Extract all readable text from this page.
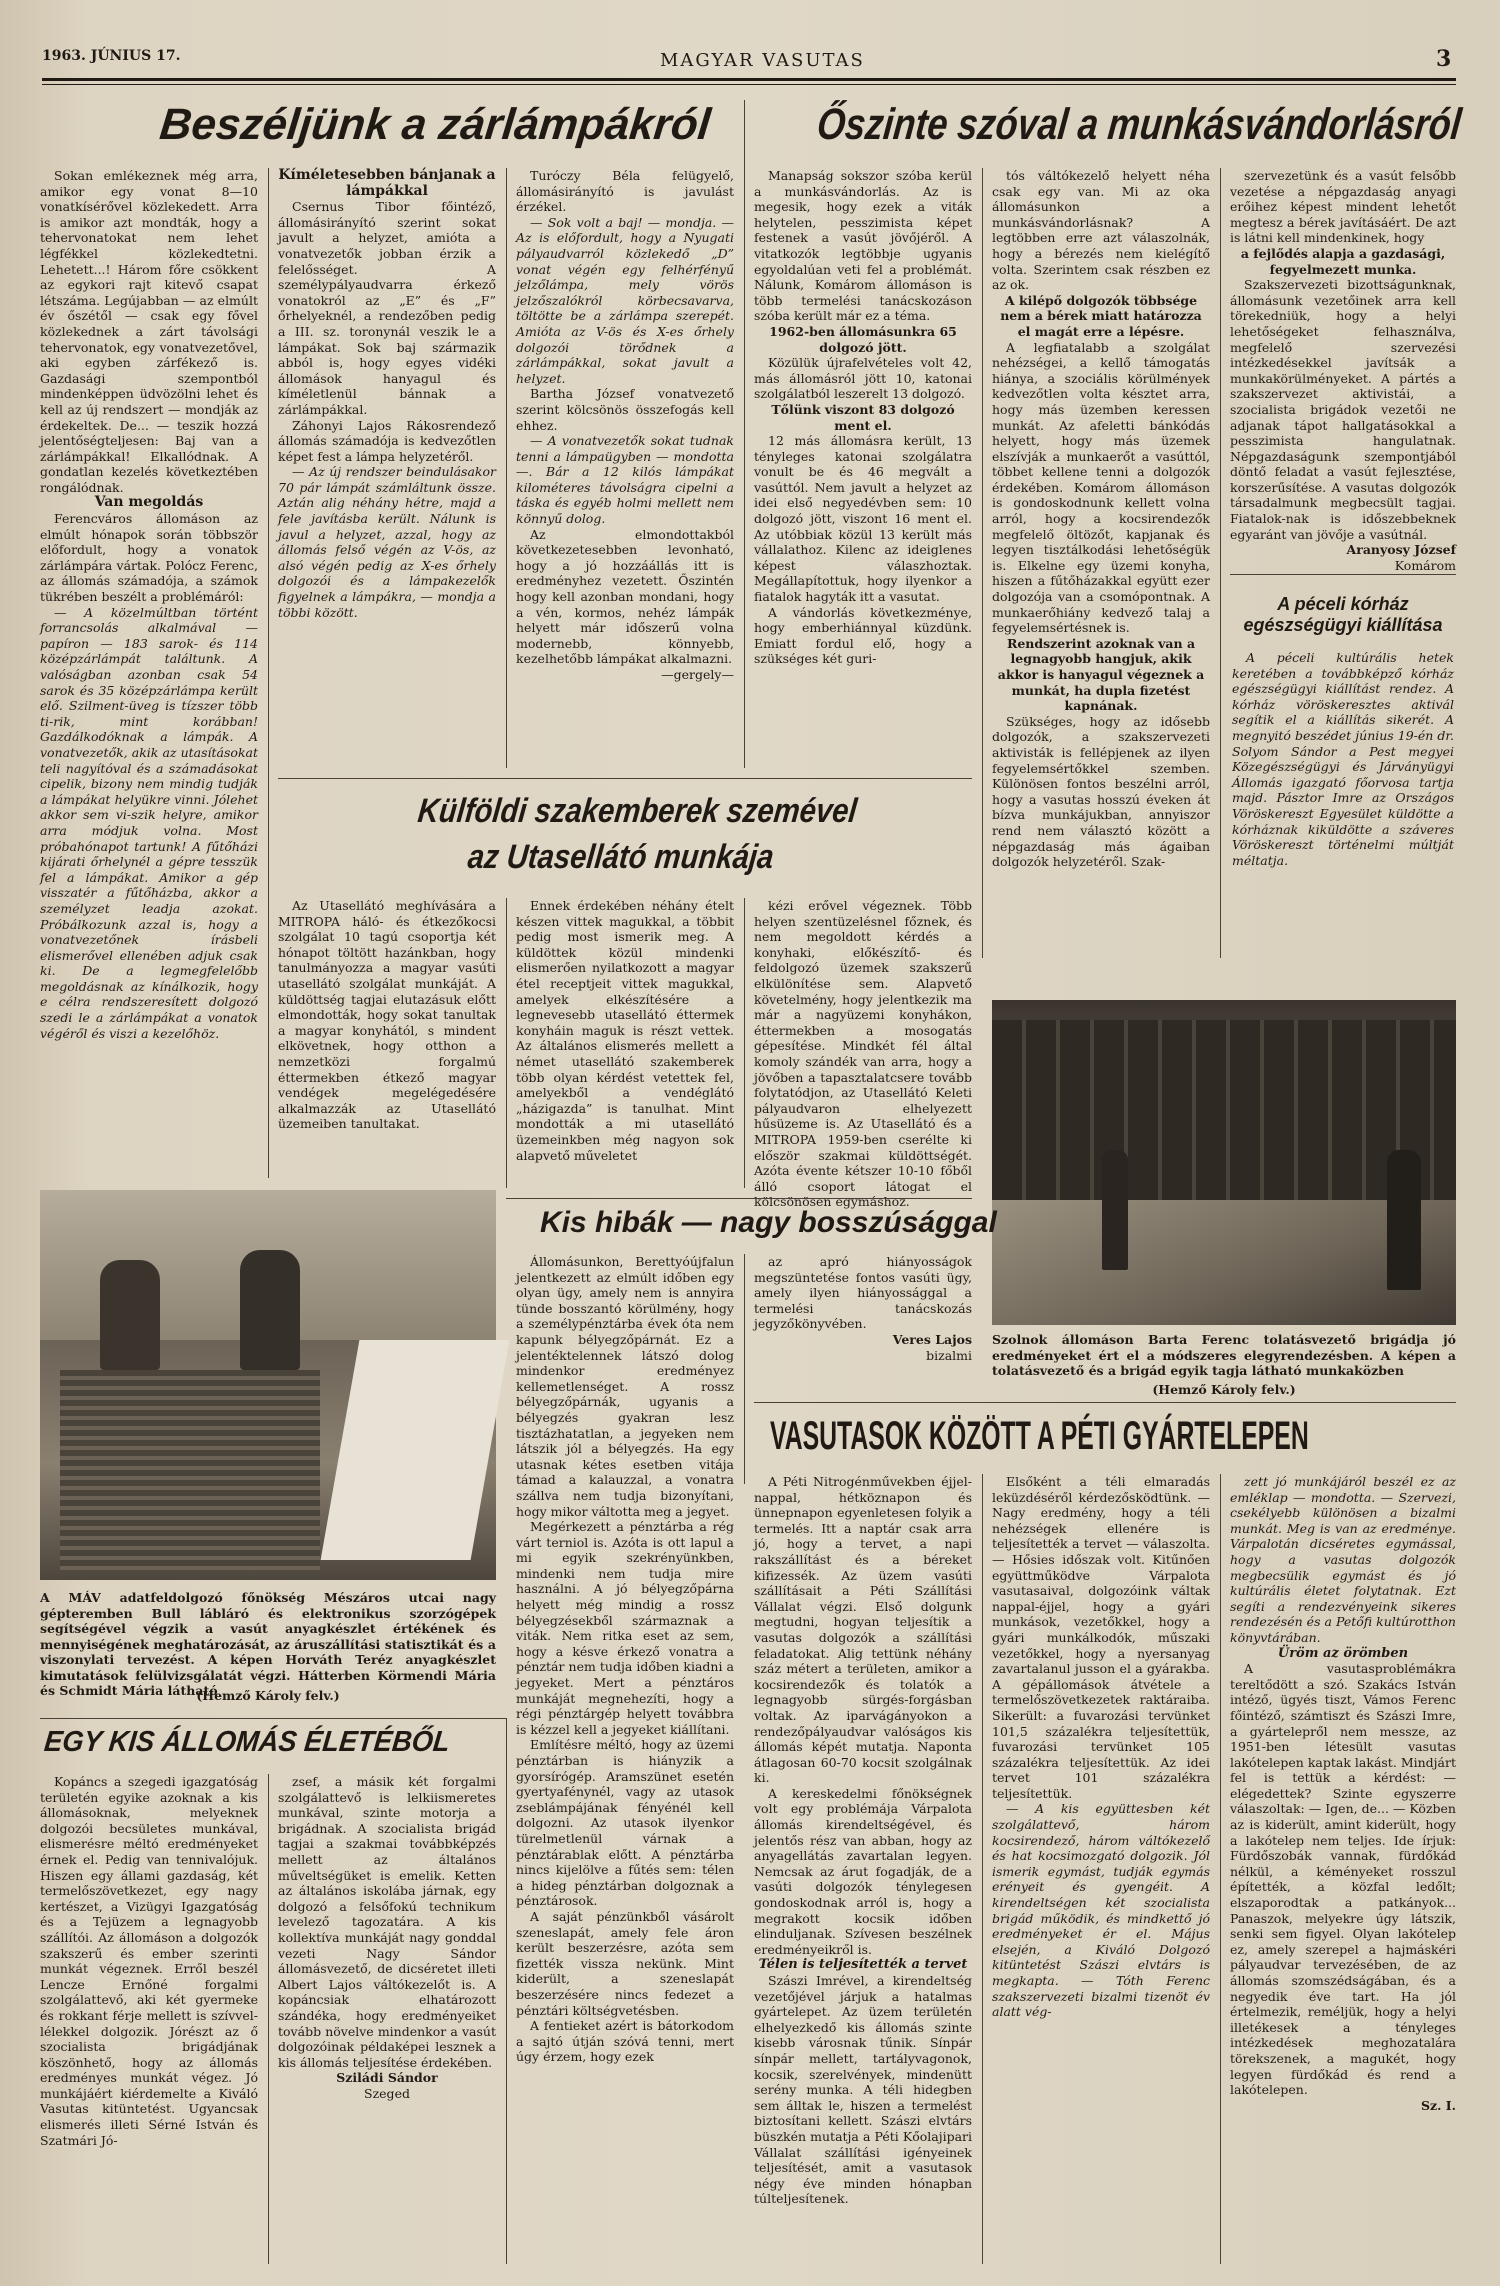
1963. JÚNIUS 17.	MAGYAR VASUTAS	3
Beszéljünk a zárlámpákról

Sokan emlékeznek még arra, amikor egy vonat 8—10 vonatkísérővel közlekedett. Arra is amikor azt mondták, hogy a tehervonatokat nem lehet légfékkel közlekedtetni. Lehetett...! Három főre csökkent az egykori rajt kitevő csapat létszáma. Legújabban — az elmúlt év őszétől — csak egy fővel közlekednek a zárt távolsági tehervonatok, egy vonatvezetővel, aki egyben zárfékező is. Gazdasági szempontból mindenképpen üdvözölni lehet és kell az új rendszert — mondják az érdekeltek. De... — teszik hozzá jelentőségteljesen: Baj van a zárlámpákkal! Elkallódnak. A gondatlan kezelés következtében rongálódnak.

Van megoldás

Ferencváros állomáson az elmúlt hónapok során többször előfordult, hogy a vonatok zárlámpára vártak. Polócz Ferenc, az állomás számadója, a számok tükrében beszélt a problémáról:

— A közelmúltban történt forrancsolás alkalmával — papíron — 183 sarok- és 114 középzárlámpát találtunk. A valóságban azonban csak 54 sarok és 35 középzárlámpa került elő. Szilment-üveg is tízszer több ti-rik, mint korábban! Gazdálkodóknak a lámpák. A vonatvezetők, akik az utasításokat teli nagyítóval és a számadásokat cipelik, bizony nem mindig tudják a lámpákat helyükre vinni. Jólehet akkor sem vi-szik helyre, amikor arra módjuk volna. Most próbahónapot tartunk! A fűtőházi kijárati őrhelynél a gépre tesszük fel a lámpákat. Amikor a gép visszatér a fűtőházba, akkor a személyzet leadja azokat. Próbálkozunk azzal is, hogy a vonatvezetőnek írásbeli elismerővel ellenében adjuk csak ki. De a legmegfelelőbb megoldásnak az kínálkozik, hogy e célra rendszeresített dolgozó szedi le a zárlámpákat a vonatok végéről és viszi a kezelőhöz.

Kíméletesebben bánjanak a lámpákkal

Csernus Tibor főintéző, állomásirányító szerint sokat javult a helyzet, amióta a vonatvezetők jobban érzik a felelősséget. A személypályaudvarra érkező vonatokról az „E” és „F” őrhelyeknél, a rendezőben pedig a III. sz. toronynál veszik le a lámpákat. Sok baj származik abból is, hogy egyes vidéki állomások hanyagul és kíméletlenül bánnak a zárlámpákkal.

Záhonyi Lajos Rákosrendező állomás számadója is kedvezőtlen képet fest a lámpa helyzetéről.

— Az új rendszer beindulásakor 70 pár lámpát számláltunk össze. Aztán alig néhány hétre, majd a fele javításba került. Nálunk is javul a helyzet, azzal, hogy az állomás felső végén az V-ös, az alsó végén pedig az X-es őrhely dolgozói és a lámpakezelők figyelnek a lámpákra, — mondja a többi között.

Turóczy Béla felügyelő, állomásirányító is javulást érzékel.

— Sok volt a baj! — mondja. — Az is előfordult, hogy a Nyugati pályaudvarról közlekedő „D” vonat végén egy felhérfényű jelzőlámpa, mely vörös jelzőszalókról körbecsavarva, töltötte be a zárlámpa szerepét. Amióta az V-ös és X-es őrhely dolgozói törődnek a zárlámpákkal, sokat javult a helyzet.

Bartha József vonatvezető szerint kölcsönös összefogás kell ehhez.

— A vonatvezetők sokat tudnak tenni a lámpaügyben — mondotta —. Bár a 12 kilós lámpákat kilométeres távolságra cipelni a táska és egyéb holmi mellett nem könnyű dolog.

Az elmondottakból következetesebben levonható, hogy a jó hozzáállás itt is eredményhez vezetett. Őszintén hogy kell azonban mondani, hogy a vén, kormos, nehéz lámpák helyett már időszerű volna modernebb, könnyebb, kezelhetőbb lámpákat alkalmazni.

—gergely—

Őszinte szóval a munkásvándorlásról

Manapság sokszor szóba kerül a munkásvándorlás. Az is megesik, hogy ezek a viták helytelen, pesszimista képet festenek a vasút jövőjéről. A vitatkozók legtöbbje ugyanis egyoldalúan veti fel a problémát. Nálunk, Komárom állomáson is több termelési tanácskozáson szóba került már ez a téma.

1962-ben állomásunkra 65 dolgozó jött.

Közülük újrafelvételes volt 42, más állomásról jött 10, katonai szolgálatból leszerelt 13 dolgozó.

Tőlünk viszont 83 dolgozó ment el.

12 más állomásra került, 13 tényleges katonai szolgálatra vonult be és 46 megvált a vasúttól. Nem javult a helyzet az idei első negyedévben sem: 10 dolgozó jött, viszont 16 ment el. Az utóbbiak közül 13 került más vállalathoz. Kilenc az ideiglenes képest válaszhoztak. Megállapítottuk, hogy ilyenkor a fiatalok hagyták itt a vasutat.

A vándorlás következménye, hogy emberhiánnyal küzdünk. Emiatt fordul elő, hogy a szükséges két guri-

tós váltókezelő helyett néha csak egy van. Mi az oka állomásunkon a munkásvándorlásnak? A legtöbben erre azt válaszolnák, hogy a bérezés nem kielégítő volta. Szerintem csak részben ez az ok.

A kilépő dolgozók többsége nem a bérek miatt határozza el magát erre a lépésre.

A legfiatalabb a szolgálat nehézségei, a kellő támogatás hiánya, a szociális körülmények kedvezőtlen volta késztet arra, hogy más üzemben keressen munkát. Az afeletti bánkódás helyett, hogy más üzemek elszívják a munkaerőt a vasúttól, többet kellene tenni a dolgozók érdekében. Komárom állomáson is gondoskodnunk kellett volna arról, hogy a kocsirendezők megfelelő öltözőt, kapjanak és legyen tisztálkodási lehetőségük is. Elkelne egy üzemi konyha, hiszen a fűtőházakkal együtt ezer dolgozója van a csomópontnak. A munkaerőhiány kedvező talaj a fegyelemsértésnek is.

Rendszerint azoknak van a legnagyobb hangjuk, akik akkor is hanyagul végeznek a munkát, ha dupla fizetést kapnának.

Szükséges, hogy az idősebb dolgozók, a szakszervezeti aktivisták is fellépjenek az ilyen fegyelemsértőkkel szemben. Különösen fontos beszélni arról, hogy a vasutas hosszú éveken át bízva munkájukban, annyiszor rend nem választó között a népgazdaság más ágaiban dolgozók helyzetéről. Szak-

szervezetünk és a vasút felsőbb vezetése a népgazdaság anyagi erőihez képest mindent lehetőt megtesz a bérek javításáért. De azt is látni kell mindenkinek, hogy

a fejlődés alapja a gazdasági, fegyelmezett munka.

Szakszervezeti bizottságunknak, állomásunk vezetőinek arra kell törekedniük, hogy a helyi lehetőségeket felhasználva, megfelelő szervezési intézkedésekkel javítsák a munkakörülményeket. A pártés a szakszervezet aktivistái, a szocialista brigádok vezetői ne adjanak tápot hallgatásokkal a pesszimista hangulatnak. Népgazdaságunk szempontjából döntő feladat a vasút fejlesztése, korszerűsítése. A vasutas dolgozók társadalmunk megbecsült tagjai. Fiatalok-nak is időszebbeknek egyaránt van jövője a vasútnál.

Aranyosy József

Komárom

A péceli kórház egészségügyi kiállítása

A péceli kultúrális hetek keretében a továbbképző kórház egészségügyi kiállítást rendez. A kórház vöröskeresztes aktivál segítik el a kiállítás sikerét. A megnyitó beszédet június 19-én dr. Solyom Sándor a Pest megyei Közegészségügyi és Járványügyi Állomás igazgató főorvosa tartja majd. Pásztor Imre az Országos Vöröskereszt Egyesület küldötte a kórháznak kiküldötte a száveres Vöröskereszt történelmi múltját méltatja.

Szolnok állomáson Barta Ferenc tolatásvezető brigádja jó eredményeket ért el a módszeres elegyrendezésben. A képen a tolatásvezető és a brigád egyik tagja látható munkaközben
(Hemző Károly felv.)
Külföldi szakemberek szemével
az Utasellátó munkája

Az Utasellátó meghívására a MITROPA háló- és étkezőkocsi szolgálat 10 tagú csoportja két hónapot töltött hazánkban, hogy tanulmányozza a magyar vasúti utasellátó szolgálat munkáját. A küldöttség tagjai elutazásuk előtt elmondották, hogy sokat tanultak a magyar konyhától, s mindent elkövetnek, hogy otthon a nemzetközi forgalmú éttermekben étkező magyar vendégek megelégedésére alkalmazzák az Utasellátó üzemeiben tanultakat.

Ennek érdekében néhány ételt készen vittek magukkal, a többit pedig most ismerik meg. A küldöttek közül mindenki elismerően nyilatkozott a magyar étel receptjeit vittek magukkal, amelyek elkészítésére a legnevesebb utasellátó éttermek konyháin maguk is részt vettek. Az általános elismerés mellett a német utasellátó szakemberek több olyan kérdést vetettek fel, amelyekből a vendéglátó „házigazda” is tanulhat. Mint mondották a mi utasellátó üzemeinkben még nagyon sok alapvető műveletet

kézi erővel végeznek. Több helyen szentüzelésnel főznek, és nem megoldott kérdés a konyhaki, előkészítő- és feldolgozó üzemek szakszerű elkülönítése sem. Alapvető követelmény, hogy jelentkezik ma már a nagyüzemi konyhákon, éttermekben a mosogatás gépesítése. Mindkét fél által komoly szándék van arra, hogy a jövőben a tapasztalatcsere tovább folytatódjon, az Utasellátó Keleti pályaudvaron elhelyezett hűsüzeme is. Az Utasellátó és a MITROPA 1959-ben cserélte ki először szakmai küldöttségét. Azóta évente kétszer 10-10 főből álló csoport látogat el kölcsönösen egymáshoz.

A MÁV adatfeldolgozó főnökség Mészáros utcai nagy gépteremben Bull lábláró és elektronikus szorzógépek segítségével végzik a vasút anyagkészlet értékének és mennyiségének meghatározását, az áruszállítási statisztikát és a viszonylati tervezést. A képen Horváth Teréz anyagkészlet kimutatások felülvizsgálatát végzi. Hátterben Körmendi Mária és Schmidt Mária látható
(Hemző Károly felv.)
Kis hibák — nagy bosszúsággal

Állomásunkon, Berettyóújfalun jelentkezett az elmúlt időben egy olyan ügy, amely nem is annyira tünde bosszantó körülmény, hogy a személypénztárba évek óta nem kapunk bélyegzőpárnát. Ez a jelentéktelennek látszó dolog mindenkor eredményez kellemetlenséget. A rossz bélyegzőpárnák, ugyanis a bélyegzés gyakran lesz tisztázhatatlan, a jegyeken nem látszik jól a bélyegzés. Ha egy utasnak kétes esetben vitája támad a kalauzzal, a vonatra szállva nem tudja bizonyítani, hogy mikor váltotta meg a jegyet.

Megérkezett a pénztárba a rég várt terniol is. Azóta is ott lapul a mi egyik szekrényünkben, mindenki nem tudja mire használni. A jó bélyegzőpárna helyett még mindig a rossz bélyegzésekből származnak a viták. Nem ritka eset az sem, hogy a késve érkező vonatra a pénztár nem tudja időben kiadni a jegyeket. Mert a pénztáros munkáját megnehezíti, hogy a régi pénztárgép helyett továbbra is kézzel kell a jegyeket kiállítani.

Említésre méltó, hogy az üzemi pénztárban is hiányzik a gyorsírógép. Aramszünet esetén gyertyafénynél, vagy az utasok zseblámpájának fényénél kell dolgozni. Az utasok ilyenkor türelmetlenül várnak a pénztárablak előtt. A pénztárba nincs kijelölve a fűtés sem: télen a hideg pénztárban dolgoznak a pénztárosok.

A saját pénzünkből vásárolt szeneslapát, amely fele áron került beszerzésre, azóta sem fizették vissza nekünk. Mint kiderült, a szeneslapát beszerzésére nincs fedezet a pénztári költségvetésben.

A fentieket azért is bátorkodom a sajtó útján szóvá tenni, mert úgy érzem, hogy ezek

az apró hiányosságok megszüntetése fontos vasúti ügy, amely ilyen hiányossággal a termelési tanácskozás jegyzőkönyvében.

Veres Lajos

bizalmi

VASUTASOK KÖZÖTT A PÉTI GYÁRTELEPEN

A Péti Nitrogénművekben éjjel-nappal, hétköznapon és ünnepnapon egyenletesen folyik a termelés. Itt a naptár csak arra jó, hogy a tervet, a napi rakszállítást és a béreket kifizessék. Az üzem vasúti szállításait a Péti Szállítási Vállalat végzi. Első dolgunk megtudni, hogyan teljesítik a vasutas dolgozók a szállítási feladatokat. Alig tettünk néhány száz métert a területen, amikor a kocsirendezők és tolatók a legnagyobb sürgés-forgásban voltak. Az iparvágányokon a rendezőpályaudvar valóságos kis állomás képét mutatja. Naponta átlagosan 60-70 kocsit szolgálnak ki.

A kereskedelmi főnökségnek volt egy problémája Várpalota állomás kirendeltségével, és jelentős rész van abban, hogy az anyagellátás zavartalan legyen. Nemcsak az árut fogadják, de a vasúti dolgozók ténylegesen gondoskodnak arról is, hogy a megrakott kocsik időben elinduljanak. Szívesen beszélnek eredményeikről is.

Télen is teljesítették a tervet

Szászi Imrével, a kirendeltség vezetőjével járjuk a hatalmas gyártelepet. Az üzem területén elhelyezkedő kis állomás szinte kisebb városnak tűnik. Sínpár sínpár mellett, tartályvagonok, kocsik, szerelvények, mindenütt serény munka. A téli hidegben sem álltak le, hiszen a termelést biztosítani kellett. Szászi elvtárs büszkén mutatja a Péti Kőolajipari Vállalat szállítási igényeinek teljesítését, amit a vasutasok négy éve minden hónapban túlteljesítenek.

Elsőként a téli elmaradás leküzdéséről kérdezősködtünk. — Nagy eredmény, hogy a téli nehézségek ellenére is teljesítették a tervet — válaszolta. — Hősies időszak volt. Kitűnően együttműködve Várpalota vasutasaival, dolgozóink váltak nappal-éjjel, hogy a gyári munkások, vezetőkkel, hogy a gyári munkálkodók, műszaki vezetőkkel, hogy a nyersanyag zavartalanul jusson el a gyárakba. A gépállomások átvétele a termelőszövetkezetek raktáraiba. Sikerült: a fuvarozási tervünket 101,5 százalékra teljesítettük, fuvarozási tervünket 105 százalékra teljesítettük. Az idei tervet 101 százalékra teljesítettük.

— A kis együttesben két szolgálattevő, három kocsirendező, három váltókezelő és hat kocsimozgató dolgozik. Jól ismerik egymást, tudják egymás erényeit és gyengéit. A kirendeltségen két szocialista brigád működik, és mindkettő jó eredményeket ér el. Május elsején, a Kiváló Dolgozó kitüntetést Szászi elvtárs is megkapta. — Tóth Ferenc szakszervezeti bizalmi tizenöt év alatt vég-

zett jó munkájáról beszél ez az emléklap — mondotta. — Szervezi, csekélyebb különösen a bizalmi munkát. Meg is van az eredménye. Várpalotán dicséretes egymással, hogy a vasutas dolgozók megbecsülik egymást és jó kultúrális életet folytatnak. Ezt segíti a rendezvényeink sikeres rendezésén és a Petőfi kultúrotthon könyvtárában.

Üröm az örömben

A vasutasproblémákra tereltődött a szó. Szakács István intéző, ügyés tiszt, Vámos Ferenc főintéző, számtiszt és Szászi Imre, a gyártelepről nem messze, az 1951-ben létesült vasutas lakótelepen kaptak lakást. Mindjárt fel is tettük a kérdést: — elégedettek? Szinte egyszerre válaszoltak: — Igen, de... — Közben az is kiderült, amint kiderült, hogy a lakótelep nem teljes. Ide írjuk: Fürdőszobák vannak, fürdőkád nélkül, a kéményeket rosszul építették, a közfal ledőlt; elszaporodtak a patkányok... Panaszok, melyekre úgy látszik, senki sem figyel. Olyan lakótelep ez, amely szerepel a hajmáskéri pályaudvar tervezésében, de az állomás szomszédságában, és a negyedik éve tart. Ha jól értelmezik, reméljük, hogy a helyi illetékesek a tényleges intézkedések meghozatalára törekszenek, a magukét, hogy legyen fürdőkád és rend a lakótelepen.

Sz. I.

EGY KIS ÁLLOMÁS ÉLETÉBŐL

Kopáncs a szegedi igazgatóság területén egyike azoknak a kis állomásoknak, melyeknek dolgozói becsületes munkával, elismerésre méltó eredményeket érnek el. Pedig van tennivalójuk. Hiszen egy állami gazdaság, két termelőszövetkezet, egy nagy kertészet, a Vizügyi Igazgatóság és a Tejüzem a legnagyobb szállítói. Az állomáson a dolgozók szakszerű és ember szerinti munkát végeznek. Erről beszél Lencze Ernőné forgalmi szolgálattevő, aki két gyermeke és rokkant férje mellett is szívvel-lélekkel dolgozik. Jórészt az ő szocialista brigádjának köszönhető, hogy az állomás eredményes munkát végez. Jó munkájáért kiérdemelte a Kiváló Vasutas kitüntetést. Ugyancsak elismerés illeti Sérné István és Szatmári Jó-

zsef, a másik két forgalmi szolgálattevő is lelkiismeretes munkával, szinte motorja a brigádnak. A szocialista brigád tagjai a szakmai továbbképzés mellett az általános műveltségüket is emelik. Ketten az általános iskolába járnak, egy dolgozó a felsőfokú technikum levelező tagozatára. A kis kollektíva munkáját nagy gonddal vezeti Nagy Sándor állomásvezető, de dicséretet illeti Albert Lajos váltókezelőt is. A kopáncsiak elhatározott szándéka, hogy eredményeiket tovább növelve mindenkor a vasút dolgozóinak példaképei lesznek a kis állomás teljesítése érdekében.

Sziládi Sándor

Szeged
